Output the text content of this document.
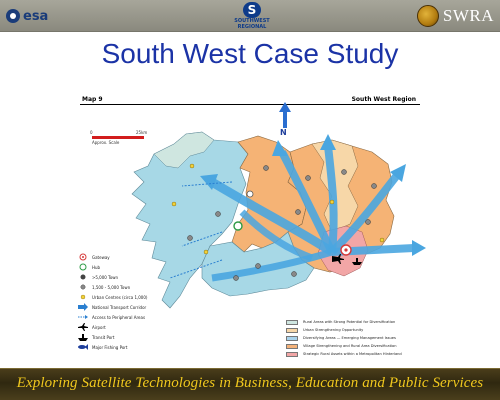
esa	S
SOUTHWEST
REGIONAL
SWRA
South West Case Study
Map 9	South West Region
0	25km
Approx. Scale
N
Gateway
Hub
>5,000 Town
1,500 - 5,000 Town
Urban Centres (circa 1,000)
National Transport Corridor
Access to Peripheral Areas
Airport
Transit Port
Major Fishing Port
Rural Areas with Strong Potential for Diversification
Urban Strengthening Opportunity
Diversifying Areas — Emerging Management Issues
Village Strengthening and Rural Area Diversification
Strategic Rural Assets within a Metropolitan Hinterland
Exploring Satellite Technologies in Business, Education and Public Services
